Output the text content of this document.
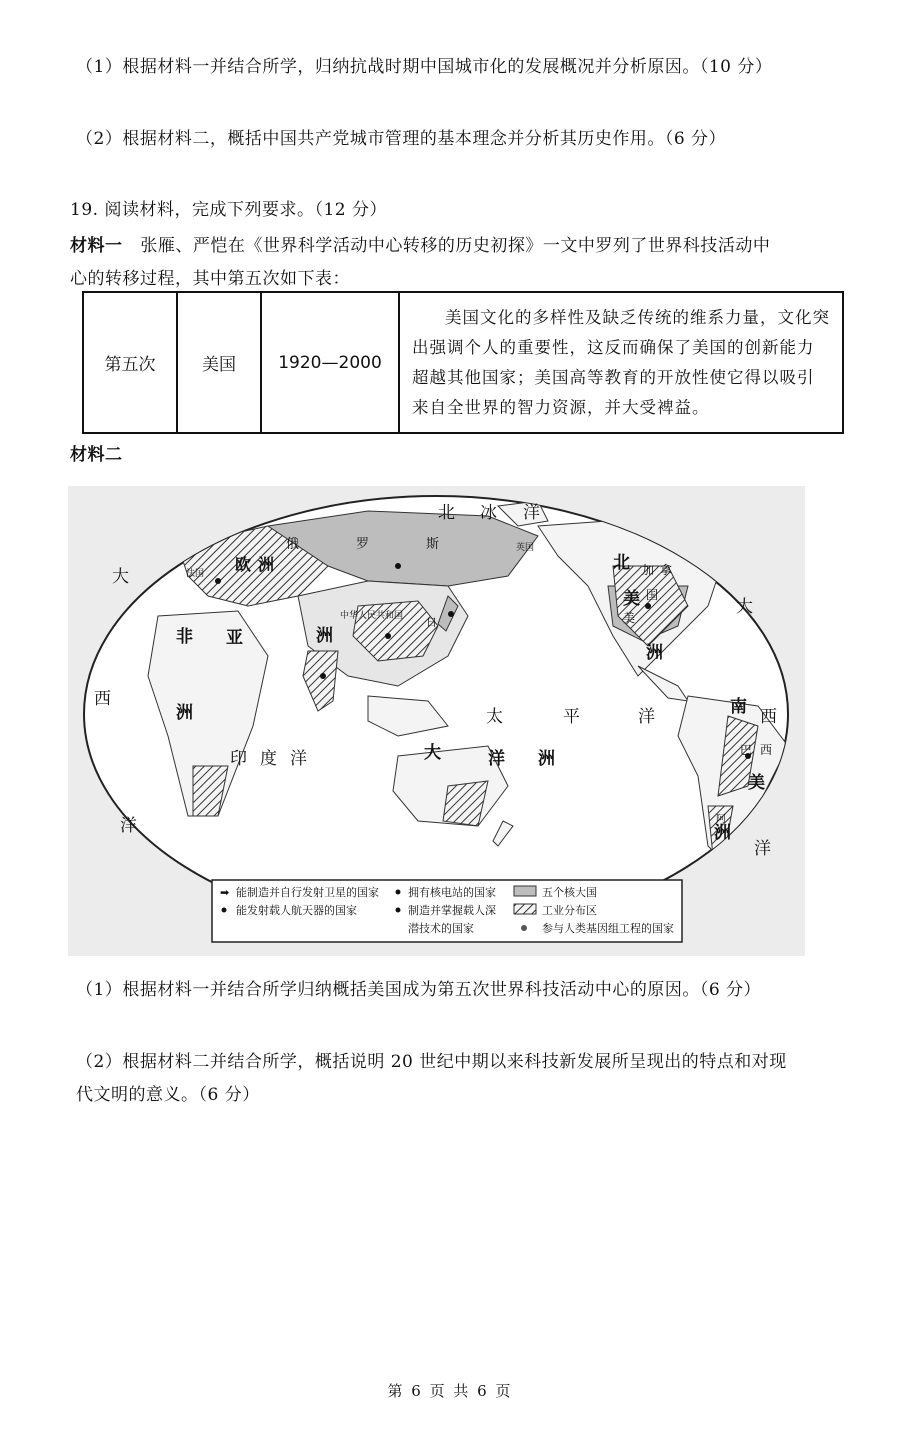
（1）根据材料一并结合所学，归纳抗战时期中国城市化的发展概况并分析原因。（10 分）
（2）根据材料二，概括中国共产党城市管理的基本理念并分析其历史作用。（6 分）
19. 阅读材料，完成下列要求。（12 分）
材料一 张雁、严恺在《世界科学活动中心转移的历史初探》一文中罗列了世界科技活动中
心的转移过程，其中第五次如下表：
第五次	美国	1920—2000	美国文化的多样性及缺乏传统的维系力量，文化突出强调个人的重要性，这反而确保了美国的创新能力超越其他国家；美国高等教育的开放性使它得以吸引来自全世界的智力资源，并大受裨益。
材料二
北 冰 洋
太	平	洋
印 度 洋
大
西
洋
大
西
洋
欧 洲
亚	洲
非
洲
大	洋 洲
北
美
洲
南
美
洲
俄	罗	斯
中华人民共和国 日
法国
英国
加 拿
美
国
巴 西
阿
➡ 能制造并自行发射卫星的国家
能发射载人航天器的国家
拥有核电站的国家
制造并掌握载人深
潜技术的国家
五个核大国
工业分布区
参与人类基因组工程的国家
（1）根据材料一并结合所学归纳概括美国成为第五次世界科技活动中心的原因。（6 分）
（2）根据材料二并结合所学，概括说明 20 世纪中期以来科技新发展所呈现出的特点和对现
代文明的意义。（6 分）
第 6 页 共 6 页
